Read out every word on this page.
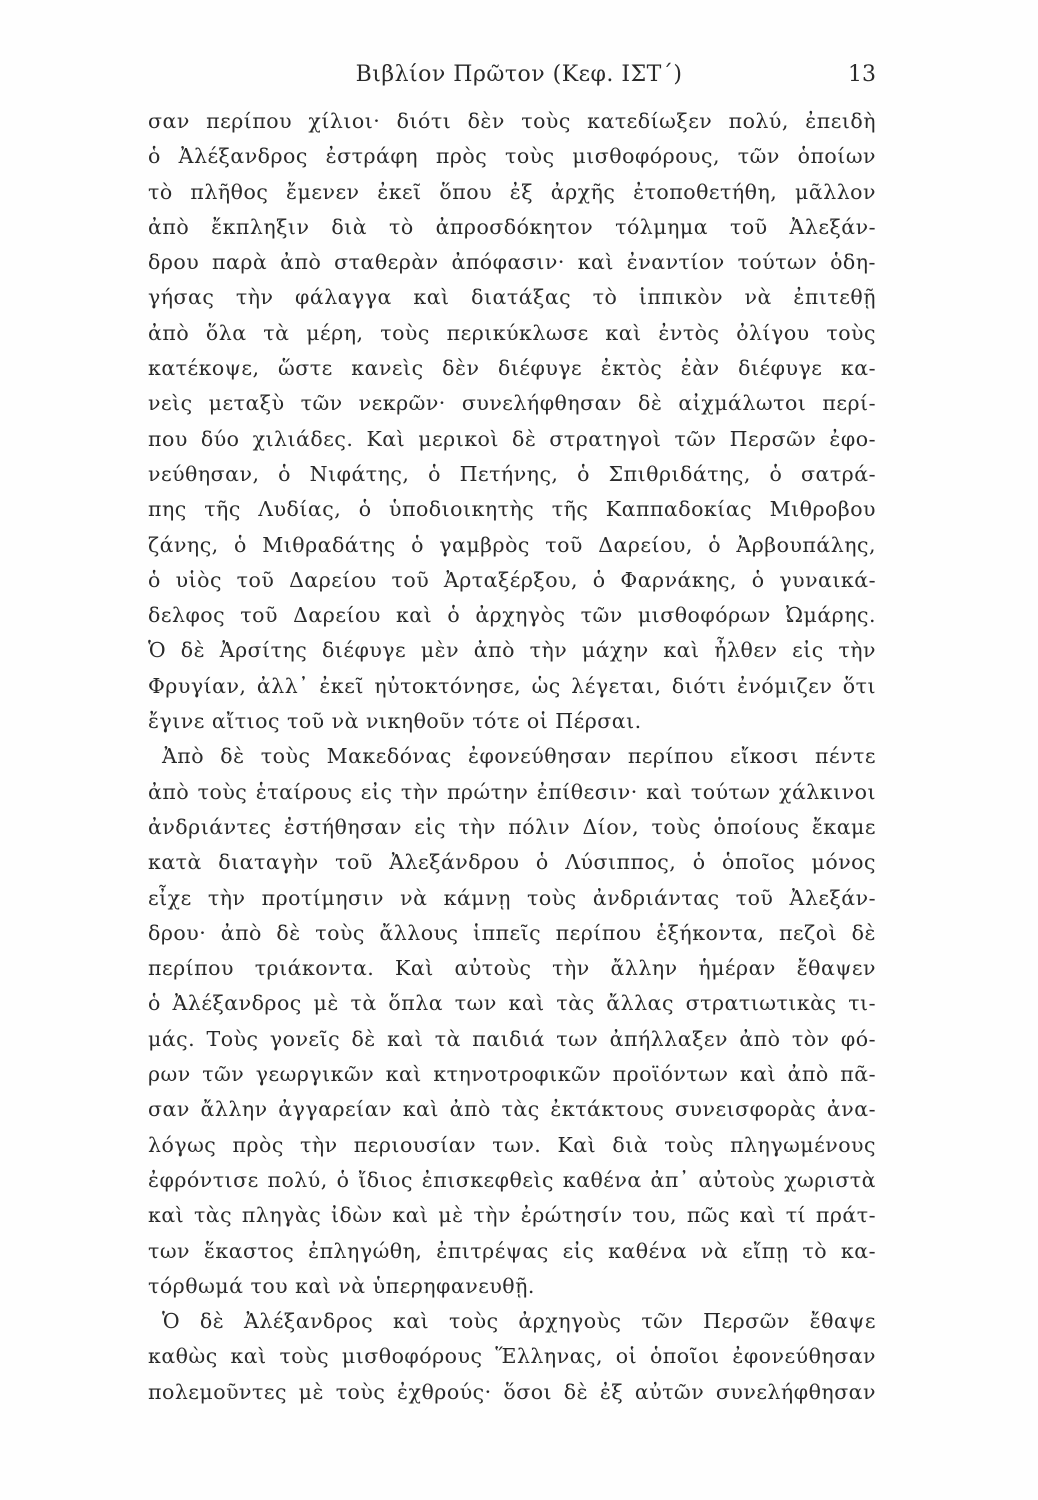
Βιβλίον Πρῶτον (Κεφ. ΙΣΤ΄)	13
σαν περίπου χίλιοι· διότι δὲν τοὺς κατεδίωξεν πολύ, ἐπειδὴ
ὁ Ἀλέξανδρος ἐστράφη πρὸς τοὺς μισθοφόρους, τῶν ὁποίων
τὸ πλῆθος ἔμενεν ἐκεῖ ὅπου ἐξ ἀρχῆς ἐτοποθετήθη, μᾶλλον
ἀπὸ ἔκπληξιν διὰ τὸ ἀπροσδόκητον τόλμημα τοῦ Ἀλεξάν-
δρου παρὰ ἀπὸ σταθερὰν ἀπόφασιν· καὶ ἐναντίον τούτων ὁδη-
γήσας τὴν φάλαγγα καὶ διατάξας τὸ ἱππικὸν νὰ ἐπιτεθῇ
ἀπὸ ὅλα τὰ μέρη, τοὺς περικύκλωσε καὶ ἐντὸς ὀλίγου τοὺς
κατέκοψε, ὥστε κανεὶς δὲν διέφυγε ἐκτὸς ἐὰν διέφυγε κα-
νεὶς μεταξὺ τῶν νεκρῶν· συνελήφθησαν δὲ αἰχμάλωτοι περί-
που δύο χιλιάδες. Καὶ μερικοὶ δὲ στρατηγοὶ τῶν Περσῶν ἐφο-
νεύθησαν, ὁ Νιφάτης, ὁ Πετήνης, ὁ Σπιθριδάτης, ὁ σατρά-
πης τῆς Λυδίας, ὁ ὑποδιοικητὴς τῆς Καππαδοκίας Μιθροβου
ζάνης, ὁ Μιθραδάτης ὁ γαμβρὸς τοῦ Δαρείου, ὁ Ἀρβουπάλης,
ὁ υἱὸς τοῦ Δαρείου τοῦ Ἀρταξέρξου, ὁ Φαρνάκης, ὁ γυναικά-
δελφος τοῦ Δαρείου καὶ ὁ ἀρχηγὸς τῶν μισθοφόρων Ὠμάρης.
Ὁ δὲ Ἀρσίτης διέφυγε μὲν ἀπὸ τὴν μάχην καὶ ἦλθεν εἰς τὴν
Φρυγίαν, ἀλλ᾽ ἐκεῖ ηὐτοκτόνησε, ὡς λέγεται, διότι ἐνόμιζεν ὅτι
ἔγινε αἴτιος τοῦ νὰ νικηθοῦν τότε οἱ Πέρσαι.
Ἀπὸ δὲ τοὺς Μακεδόνας ἐφονεύθησαν περίπου εἴκοσι πέντε
ἀπὸ τοὺς ἑταίρους εἰς τὴν πρώτην ἐπίθεσιν· καὶ τούτων χάλκινοι
ἀνδριάντες ἐστήθησαν εἰς τὴν πόλιν Δίον, τοὺς ὁποίους ἔκαμε
κατὰ διαταγὴν τοῦ Ἀλεξάνδρου ὁ Λύσιππος, ὁ ὁποῖος μόνος
εἶχε τὴν προτίμησιν νὰ κάμνῃ τοὺς ἀνδριάντας τοῦ Ἀλεξάν-
δρου· ἀπὸ δὲ τοὺς ἄλλους ἱππεῖς περίπου ἑξήκοντα, πεζοὶ δὲ
περίπου τριάκοντα. Καὶ αὐτοὺς τὴν ἄλλην ἡμέραν ἔθαψεν
ὁ Ἀλέξανδρος μὲ τὰ ὅπλα των καὶ τὰς ἄλλας στρατιωτικὰς τι-
μάς. Τοὺς γονεῖς δὲ καὶ τὰ παιδιά των ἀπήλλαξεν ἀπὸ τὸν φό-
ρων τῶν γεωργικῶν καὶ κτηνοτροφικῶν προϊόντων καὶ ἀπὸ πᾶ-
σαν ἄλλην ἀγγαρείαν καὶ ἀπὸ τὰς ἐκτάκτους συνεισφορὰς ἀνα-
λόγως πρὸς τὴν περιουσίαν των. Καὶ διὰ τοὺς πληγωμένους
ἐφρόντισε πολύ, ὁ ἴδιος ἐπισκεφθεὶς καθένα ἀπ᾽ αὐτοὺς χωριστὰ
καὶ τὰς πληγὰς ἰδὼν καὶ μὲ τὴν ἐρώτησίν του, πῶς καὶ τί πράτ-
των ἕκαστος ἐπληγώθη, ἐπιτρέψας εἰς καθένα νὰ εἴπῃ τὸ κα-
τόρθωμά του καὶ νὰ ὑπερηφανευθῇ.
Ὁ δὲ Ἀλέξανδρος καὶ τοὺς ἀρχηγοὺς τῶν Περσῶν ἔθαψε
καθὼς καὶ τοὺς μισθοφόρους Ἕλληνας, οἱ ὁποῖοι ἐφονεύθησαν
πολεμοῦντες μὲ τοὺς ἐχθρούς· ὅσοι δὲ ἐξ αὐτῶν συνελήφθησαν
